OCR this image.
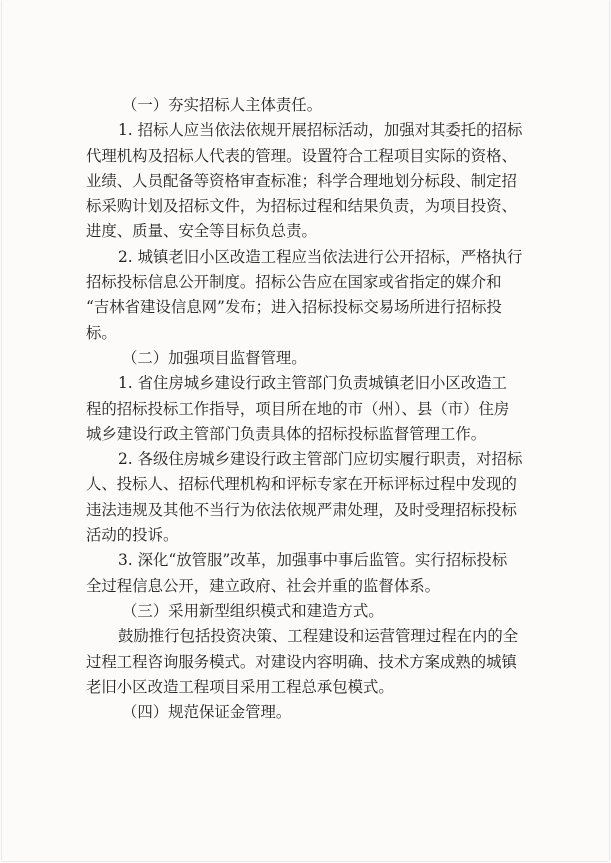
（一）夯实招标人主体责任。
1. 招标人应当依法依规开展招标活动，加强对其委托的招标
代理机构及招标人代表的管理。设置符合工程项目实际的资格、
业绩、人员配备等资格审查标准；科学合理地划分标段、制定招
标采购计划及招标文件，为招标过程和结果负责，为项目投资、
进度、质量、安全等目标负总责。
2. 城镇老旧小区改造工程应当依法进行公开招标，严格执行
招标投标信息公开制度。招标公告应在国家或省指定的媒介和
“吉林省建设信息网”发布；进入招标投标交易场所进行招标投
标。
（二）加强项目监督管理。
1. 省住房城乡建设行政主管部门负责城镇老旧小区改造工
程的招标投标工作指导，项目所在地的市（州）、县（市）住房
城乡建设行政主管部门负责具体的招标投标监督管理工作。
2. 各级住房城乡建设行政主管部门应切实履行职责，对招标
人、投标人、招标代理机构和评标专家在开标评标过程中发现的
违法违规及其他不当行为依法依规严肃处理，及时受理招标投标
活动的投诉。
3. 深化“放管服”改革，加强事中事后监管。实行招标投标
全过程信息公开，建立政府、社会并重的监督体系。
（三）采用新型组织模式和建造方式。
鼓励推行包括投资决策、工程建设和运营管理过程在内的全
过程工程咨询服务模式。对建设内容明确、技术方案成熟的城镇
老旧小区改造工程项目采用工程总承包模式。
（四）规范保证金管理。
